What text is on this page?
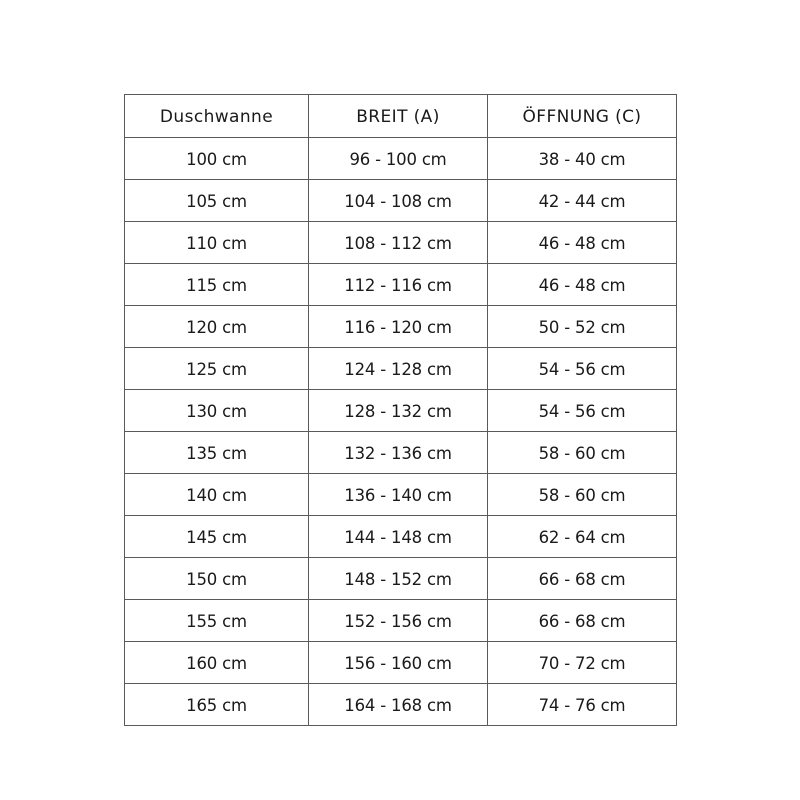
Duschwanne	BREIT (A)	ÖFFNUNG (C)
100 cm	96 - 100 cm	38 - 40 cm
105 cm	104 - 108 cm	42 - 44 cm
110 cm	108 - 112 cm	46 - 48 cm
115 cm	112 - 116 cm	46 - 48 cm
120 cm	116 - 120 cm	50 - 52 cm
125 cm	124 - 128 cm	54 - 56 cm
130 cm	128 - 132 cm	54 - 56 cm
135 cm	132 - 136 cm	58 - 60 cm
140 cm	136 - 140 cm	58 - 60 cm
145 cm	144 - 148 cm	62 - 64 cm
150 cm	148 - 152 cm	66 - 68 cm
155 cm	152 - 156 cm	66 - 68 cm
160 cm	156 - 160 cm	70 - 72 cm
165 cm	164 - 168 cm	74 - 76 cm
